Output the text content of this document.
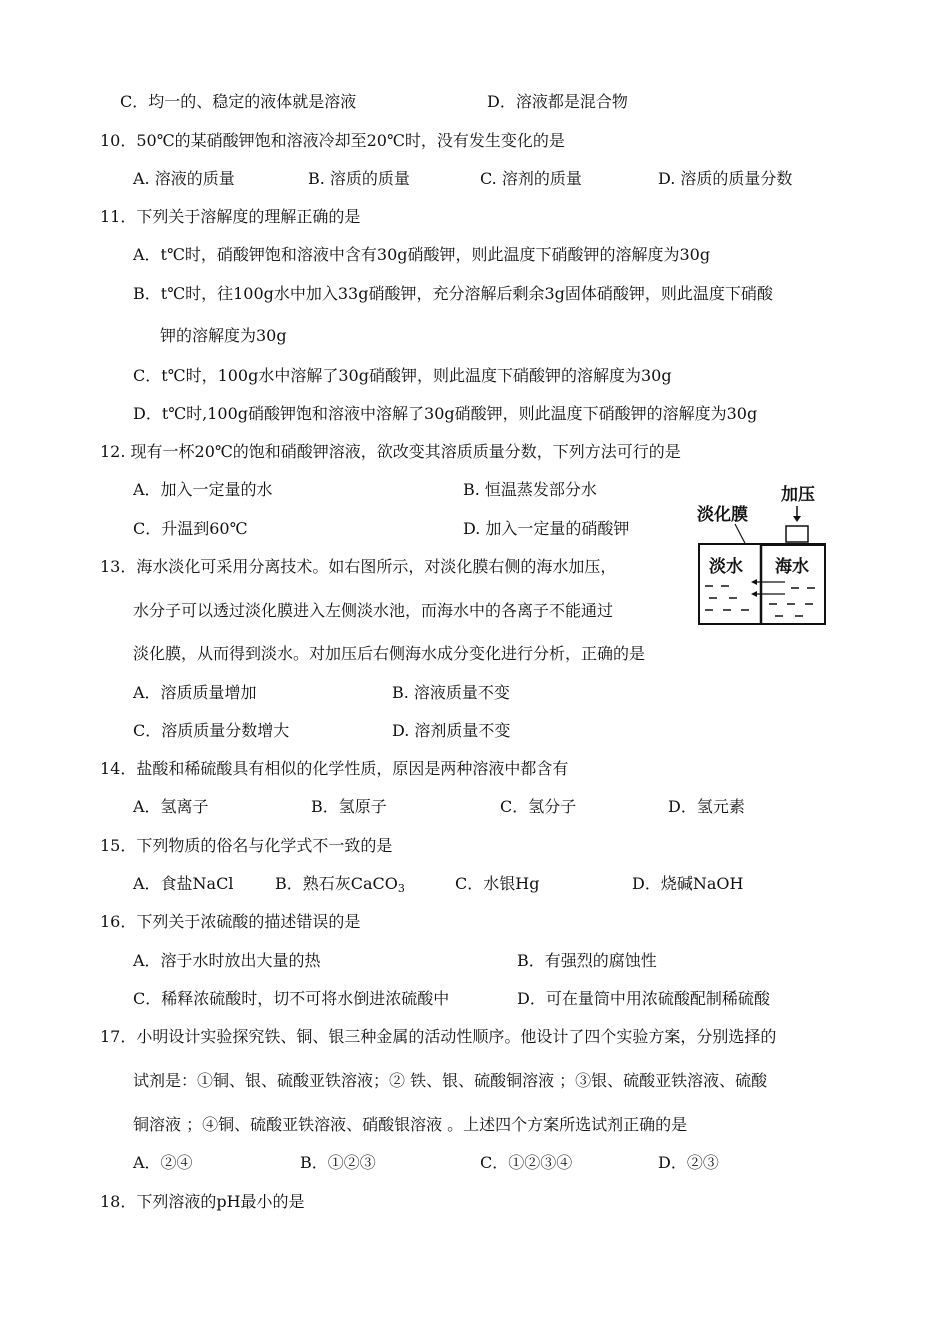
C．均一的、稳定的液体就是溶液	D．溶液都是混合物
10．50℃的某硝酸钾饱和溶液冷却至20℃时，没有发生变化的是
A. 溶液的质量	B. 溶质的质量	C. 溶剂的质量	D. 溶质的质量分数
11．下列关于溶解度的理解正确的是
A．t℃时，硝酸钾饱和溶液中含有30g硝酸钾，则此温度下硝酸钾的溶解度为30g
B．t℃时，往100g水中加入33g硝酸钾，充分溶解后剩余3g固体硝酸钾，则此温度下硝酸
钾的溶解度为30g
C．t℃时，100g水中溶解了30g硝酸钾，则此温度下硝酸钾的溶解度为30g
D．t℃时,100g硝酸钾饱和溶液中溶解了30g硝酸钾，则此温度下硝酸钾的溶解度为30g
12. 现有一杯20℃的饱和硝酸钾溶液，欲改变其溶质质量分数，下列方法可行的是
A．加入一定量的水	B. 恒温蒸发部分水
C．升温到60℃	D. 加入一定量的硝酸钾
13．海水淡化可采用分离技术。如右图所示，对淡化膜右侧的海水加压，
水分子可以透过淡化膜进入左侧淡水池，而海水中的各离子不能通过
淡化膜，从而得到淡水。对加压后右侧海水成分变化进行分析，正确的是
A．溶质质量增加	B. 溶液质量不变
C．溶质质量分数增大	D. 溶剂质量不变
加压
淡化膜
淡水 海水
14．盐酸和稀硫酸具有相似的化学性质，原因是两种溶液中都含有
A．氢离子	B．氢原子	C．氢分子	D．氢元素
15．下列物质的俗名与化学式不一致的是
A．食盐NaCl	B．熟石灰CaCO$_3$	C．水银Hg	D．烧碱NaOH
16．下列关于浓硫酸的描述错误的是
A．溶于水时放出大量的热	B．有强烈的腐蚀性
C．稀释浓硫酸时，切不可将水倒进浓硫酸中	D．可在量筒中用浓硫酸配制稀硫酸
17．小明设计实验探究铁、铜、银三种金属的活动性顺序。他设计了四个实验方案，分别选择的
试剂是：①铜、银、硫酸亚铁溶液；② 铁、银、硫酸铜溶液 ；③银、硫酸亚铁溶液、硫酸
铜溶液 ；④铜、硫酸亚铁溶液、硝酸银溶液 。上述四个方案所选试剂正确的是
A．②④	B．①②③	C．①②③④	D．②③
18．下列溶液的pH最小的是
